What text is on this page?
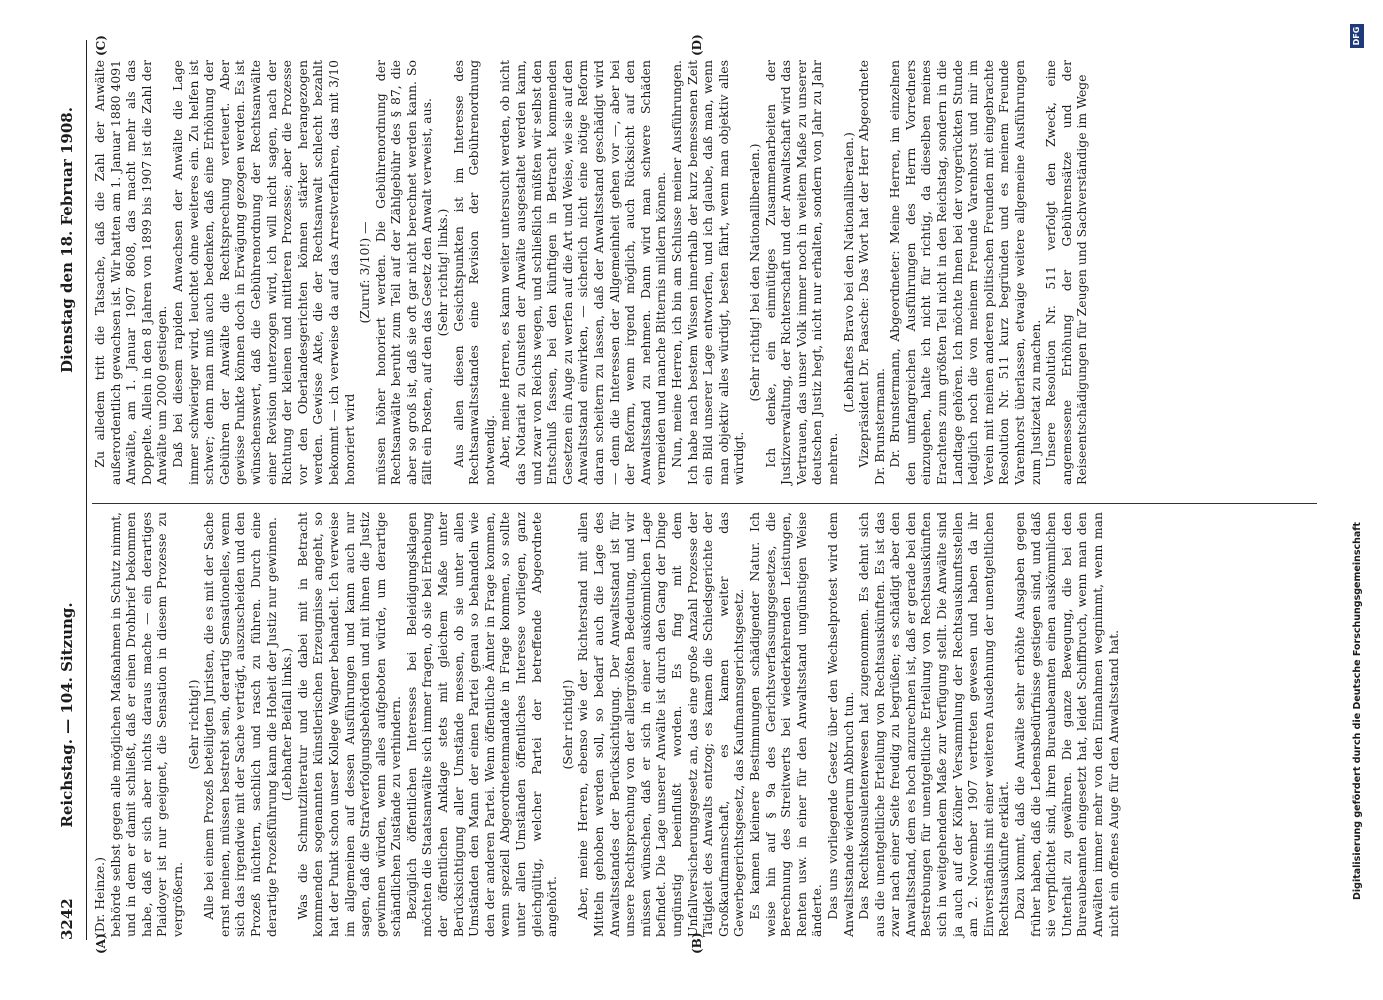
3242
Reichstag. — 104. Sitzung.
Dienstag den 18. Februar 1908.
(A)	(B)
(C)	(D)

(Dr. Heinze.) behörde selbst gegen alle möglichen Maßnahmen in Schutz nimmt, und in dem er damit schließt, daß er einen Drohbrief bekommen habe, daß er sich aber nichts daraus mache — ein derartiges Plaidoyer ist nur geeignet, die Sensation in diesem Prozesse zu vergrößern.

(Sehr richtig!) Alle bei einem Prozeß beteiligten Juristen, die es mit der Sache ernst meinen, müssen bestrebt sein, derartig Sensationelles, wenn sich das irgendwie mit der Sache verträgt, auszuscheiden und den Prozeß nüchtern, sachlich und rasch zu führen. Durch eine derartige Prozeßführung kann die Hoheit der Justiz nur gewinnen. (Lebhafter Beifall links.) Was die Schmutzliteratur und die dabei mit in Betracht kommenden sogenannten künstlerischen Erzeugnisse angeht, so hat der Punkt schon unser Kollege Wagner behandelt. Ich verweise im allgemeinen auf dessen Ausführungen und kann auch nur sagen, daß die Strafverfolgungsbehörden und mit ihnen die Justiz gewinnen würden, wenn alles aufgeboten würde, um derartige schändlichen Zustände zu verhindern. Bezüglich öffentlichen Interesses bei Beleidigungsklagen möchten die Staatsanwälte sich immer fragen, ob sie bei Erhebung der öffentlichen Anklage stets mit gleichem Maße unter Berücksichtigung aller Umstände messen, ob sie unter allen Umständen den Mann der einen Partei genau so behandeln wie den der anderen Partei. Wenn öffentliche Ämter in Frage kommen, wenn speziell Abgeordnetenmandate in Frage kommen, so sollte unter allen Umständen öffentliches Interesse vorliegen, ganz gleichgültig, welcher Partei der betreffende Abgeordnete angehört.

(Sehr richtig!) Aber, meine Herren, ebenso wie der Richterstand mit allen Mitteln gehoben werden soll, so bedarf auch die Lage des Anwaltsstandes der Berücksichtigung. Der Anwaltsstand ist für unsere Rechtsprechung von der allergrößten Bedeutung, und wir müssen wünschen, daß er sich in einer auskömmlichen Lage befindet. Die Lage unserer Anwälte ist durch den Gang der Dinge ungünstig beeinflußt worden. Es fing mit dem Unfallversicherungsgesetz an, das eine große Anzahl Prozesse der Tätigkeit des Anwalts entzog; es kamen die Schiedsgerichte der Großkaufmannschaft, es kamen weiter das Gewerbegerichtsgesetz, das Kaufmannsgerichtsgesetz. Es kamen kleinere Bestimmungen schädigender Natur. Ich weise hin auf § 9a des Gerichtsverfassungsgesetzes, die Berechnung des Streitwerts bei wiederkehrenden Leistungen, Renten usw. in einer für den Anwaltsstand ungünstigen Weise änderte. Das uns vorliegende Gesetz über den Wechselprotest wird dem Anwaltsstande wiederum Abbruch tun. Das Rechtskonsulentenwesen hat zugenommen. Es dehnt sich aus die unentgeltliche Erteilung von Rechtsauskünften. Es ist das zwar nach einer Seite freudig zu begrüßen; es schädigt aber den Anwaltsstand, dem es hoch anzurechnen ist, daß er gerade bei den Bestrebungen für unentgeltliche Erteilung von Rechtsauskünften sich in weitgehendem Maße zur Verfügung stellt. Die Anwälte sind ja auch auf der Kölner Versammlung der Rechtsauskunftsstellen am 2. November 1907 vertreten gewesen und haben da ihr Einverständnis mit einer weiteren Ausdehnung der unentgeltlichen Rechtsauskünfte erklärt. Dazu kommt, daß die Anwälte sehr erhöhte Ausgaben gegen früher haben, daß die Lebensbedürfnisse gestiegen sind, und daß sie verpflichtet sind, ihren Bureaubeamten einen auskömmlichen Unterhalt zu gewähren. Die ganze Bewegung, die bei den Bureaubeamten eingesetzt hat, leidet Schiffbruch, wenn man den Anwälten immer mehr von den Einnahmen wegnimmt, wenn man nicht ein offenes Auge für den Anwaltsstand hat.

Zu alledem tritt die Tatsache, daß die Zahl der Anwälte außerordentlich gewachsen ist. Wir hatten am 1. Januar 1880 4091 Anwälte, am 1. Januar 1907 8608, das macht mehr als das Doppelte. Allein in den 8 Jahren von 1899 bis 1907 ist die Zahl der Anwälte um 2000 gestiegen. Daß bei diesem rapiden Anwachsen der Anwälte die Lage immer schwieriger wird, leuchtet ohne weiteres ein. Zu helfen ist schwer; denn man muß auch bedenken, daß eine Erhöhung der Gebühren der Anwälte die Rechtsprechung verteuert. Aber gewisse Punkte können doch in Erwägung gezogen werden. Es ist wünschenswert, daß die Gebührenordnung der Rechtsanwälte einer Revision unterzogen wird, ich will nicht sagen, nach der Richtung der kleinen und mittleren Prozesse; aber die Prozesse vor den Oberlandesgerichten können stärker herangezogen werden. Gewisse Akte, die der Rechtsanwalt schlecht bezahlt bekommt — ich verweise da auf das Arrestverfahren, das mit 3/10 honoriert wird

(Zuruf: 3/10!) — müssen höher honoriert werden. Die Gebührenordnung der Rechtsanwälte beruht zum Teil auf der Zählgebühr des § 87, die aber so groß ist, daß sie oft gar nicht berechnet werden kann. So fällt ein Posten, auf den das Gesetz den Anwalt verweist, aus. (Sehr richtig! links.) Aus allen diesen Gesichtspunkten ist im Interesse des Rechtsanwaltsstandes eine Revision der Gebührenordnung notwendig. Aber, meine Herren, es kann weiter untersucht werden, ob nicht das Notariat zu Gunsten der Anwälte ausgestaltet werden kann, und zwar von Reichs wegen, und schließlich müßten wir selbst den Entschluß fassen, bei den künftigen in Betracht kommenden Gesetzen ein Auge zu werfen auf die Art und Weise, wie sie auf den Anwaltsstand einwirken, — sicherlich nicht eine nötige Reform daran scheitern zu lassen, daß der Anwaltsstand geschädigt wird — denn die Interessen der Allgemeinheit gehen vor —, aber bei der Reform, wenn irgend möglich, auch Rücksicht auf den Anwaltsstand zu nehmen. Dann wird man schwere Schäden vermeiden und manche Bitternis mildern können. Nun, meine Herren, ich bin am Schlusse meiner Ausführungen. Ich habe nach bestem Wissen innerhalb der kurz bemessenen Zeit ein Bild unserer Lage entworfen, und ich glaube, daß man, wenn man objektiv alles würdigt, besten fährt, wenn man objektiv alles würdigt.

(Sehr richtig! bei den Nationalliberalen.) Ich denke, ein einmütiges Zusammenarbeiten der Justizverwaltung, der Richterschaft und der Anwaltschaft wird das Vertrauen, das unser Volk immer noch in weitem Maße zu unserer deutschen Justiz hegt, nicht nur erhalten, sondern von Jahr zu Jahr mehren.

(Lebhaftes Bravo bei den Nationalliberalen.) Vizepräsident Dr. Paasche: Das Wort hat der Herr Abgeordnete Dr. Brunstermann. Dr. Brunstermann, Abgeordneter: Meine Herren, im einzelnen den umfangreichen Ausführungen des Herrn Vorredners einzugehen, halte ich nicht für richtig, da dieselben meines Erachtens zum größten Teil nicht in den Reichstag, sondern in die Landtage gehören. Ich möchte Ihnen bei der vorgerückten Stunde lediglich noch die von meinem Freunde Varenhorst und mir im Verein mit meinen anderen politischen Freunden mit eingebrachte Resolution Nr. 511 kurz begründen und es meinem Freunde Varenhorst überlassen, etwaige weitere allgemeine Ausführungen zum Justizetat zu machen. Unsere Resolution Nr. 511 verfolgt den Zweck, eine angemessene Erhöhung der Gebührensätze und der Reiseentschädigungen für Zeugen und Sachverständige im Wege

Digitalisierung gefördert durch die Deutsche Forschungsgemeinschaft
DFG
